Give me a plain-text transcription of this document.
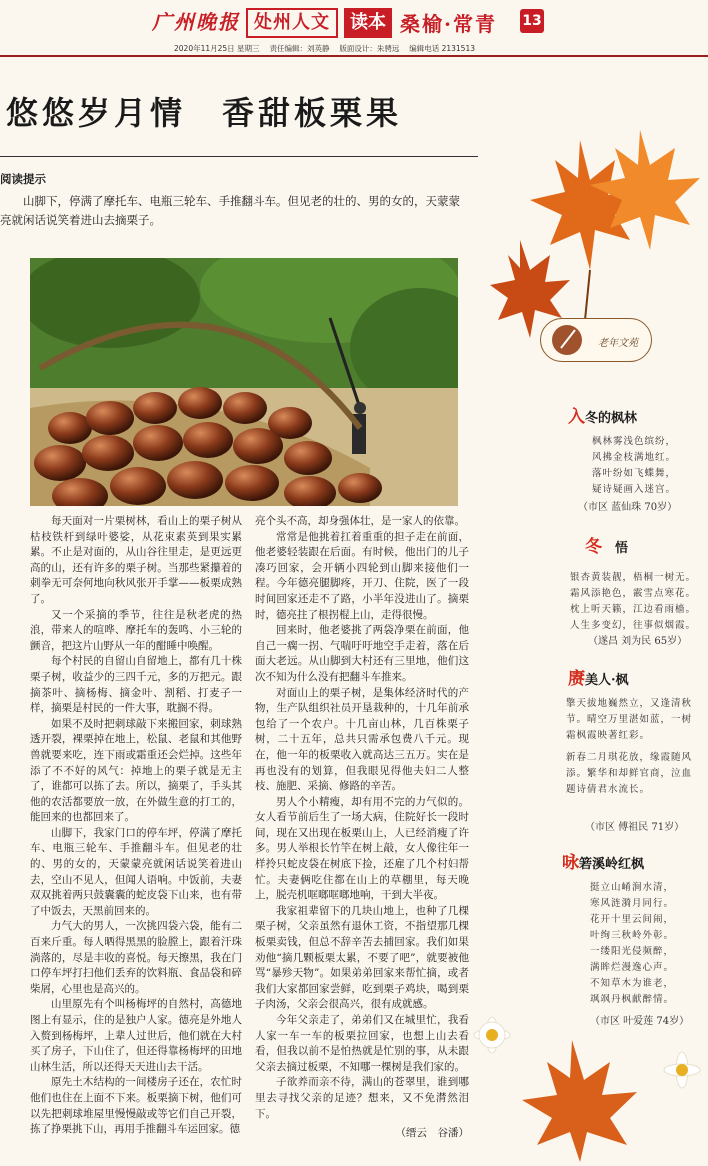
广州晚报 处州人文	读本 桑榆·常青 13
2020年11月25日 星期三 　责任编辑：刘英静 　版面设计：朱骋远 　编辑电话 2131513
悠悠岁月情　香甜板栗果
阅读提示
山脚下，停满了摩托车、电瓶三轮车、手推翻斗车。但见老的壮的、男的女的，天蒙蒙亮就闲话说笑着进山去摘栗子。

每天面对一片栗树林，看山上的栗子树从枯枝铁杆到绿叶婆娑，从花束素英到果实累累。不止是对面的，从山谷往里走，是更远更高的山，还有许多的栗子树。当那些紧攥着的刺拳无可奈何地向秋风张开手掌——板栗成熟了。

又一个采摘的季节，往往是秋老虎的热浪，带来人的喧哗、摩托车的轰鸣、小三轮的颤音，把这片山野从一年的酣睡中唤醒。

每个村民的自留山自留地上，都有几十株栗子树，收益少的三四千元，多的万把元。跟摘茶叶、摘杨梅、摘金叶、割稻、打麦子一样，摘栗是村民的一件大事，耽搁不得。

如果不及时把刺球敲下来搬回家，刺球熟透开裂，裸栗掉在地上，松鼠、老鼠和其他野兽就要来吃，连下雨或霜重还会烂掉。这些年添了不不好的风气：掉地上的栗子就是无主了，谁都可以拣了去。所以，摘栗了，手头其他的农活都要放一放，在外做生意的打工的，能回来的也都回来了。

山脚下，我家门口的停车坪，停满了摩托车、电瓶三轮车、手推翻斗车。但见老的壮的、男的女的，天蒙蒙亮就闲话说笑着进山去，空山不见人，但闻人语响。中饭前，夫妻双双挑着两只鼓囊囊的蛇皮袋下山来，也有带了中饭去，天黑前回来的。

力气大的男人，一次挑四袋六袋，能有二百来斤重。每人晒得黑黑的脸膛上，跟着汗珠淌落的，尽是丰收的喜悦。每天擦黑，我在门口停车坪打扫他们丢弃的饮料瓶、食品袋和碎柴屑，心里也是高兴的。

山里原先有个叫杨梅坪的自然村，高德地图上有显示，住的是独户人家。德亮是外地人入赘到杨梅坪，上辈人过世后，他们就在大村买了房子，下山住了，但还得靠杨梅坪的田地山林生活，所以还得天天进山去干活。

原先土木结构的一间楼房子还在，农忙时他们也住在上面不下来。板栗摘下树，他们可以先把刺球堆屋里慢慢敲或等它们自己开裂，拣了挣栗挑下山，再用手推翻斗车运回家。德

亮个头不高，却身强体壮，是一家人的依靠。

常常是他挑着扛着重重的担子走在前面，他老婆轻装跟在后面。有时候，他出门的儿子凑巧回家，会开辆小四轮到山脚来接他们一程。今年德亮腿脚疼，开刀、住院，医了一段时间回家还走不了路，小半年没进山了。摘栗时，德亮拄了根拐棍上山，走得很慢。

回来时，他老婆挑了两袋净栗在前面，他自己一瘸一拐、气喘吁吁地空手走着，落在后面大老远。从山脚到大村还有三里地，他们这次不知为什么没有把翻斗车推来。

对面山上的栗子树，是集体经济时代的产物，生产队组织社员开垦栽种的，十几年前承包给了一个农户。十几亩山林，几百株栗子树，二十五年，总共只需承包费八千元。现在，他一年的板栗收入就高达三五万。实在是再也没有的划算，但我眼见得他夫妇二人整枝、施肥、采摘、修路的辛苦。

男人个小精瘦，却有用不完的力气似的。女人看节前后生了一场大病，住院好长一段时间，现在又出现在板栗山上，人已经消瘦了许多。男人举根长竹竿在树上敲，女人像往年一样拎只蛇皮袋在树底下捡，还雇了几个村妇帮忙。夫妻俩吃住都在山上的草棚里，每天晚上，脱壳机哐啷哐啷地响，干到大半夜。

我家祖辈留下的几块山地上，也种了几棵栗子树，父亲虽然有退休工资，不指望那几棵板栗卖钱，但总不辞辛苦去捕回家。我们如果劝他“摘几颗板栗太累，不要了吧”，就要被他骂“暴殄天物”。如果弟弟回家来帮忙摘，或者我们大家都回家尝鲜，吃到栗子鸡块，喝到栗子肉汤，父亲会很高兴，很有成就感。

今年父亲走了，弟弟们又在城里忙，我看人家一车一车的板栗拉回家，也想上山去看看，但我以前不是怕热就是忙别的事，从未跟父亲去摘过板栗，不知哪一棵树是我们家的。

子欲养而亲不待，满山的苍翠里，谁到哪里去寻找父亲的足迹？想来，又不免潸然泪下。

（缙云　谷潘）
老年文苑
入冬的枫林
枫林雾浅色缤纷，
风拂金枝满地红。
落叶纷如飞蝶舞，
疑诗疑画入迷宫。
（市区 蓝仙珠 70岁）
冬　 悟
银杏黄装靓，梧桐一树无。
霜风添艳色，霰雪点寒花。
枕上听天籁，江边看雨樯。
人生多变幻，往事似烟霞。
（遂昌 刘为民 65岁）
赓美人·枫
擎天拔地巍然立，又逢清秋节。晴空万里湛如蓝，一树霜枫霞映著红彩。
新春二月琪花放，缘霞随风添。繁华和却鲜官商，泣血题诗倩君水流长。
（市区 傅祖民 71岁）
咏箬溪岭红枫
挺立山崤涧水清，
寒风涟漪月同行。
花开十里云间闹，
叶绚三秋岭外彰。
一缕阳光侵频醉，
满眸烂漫逸心声。
不知草木为谁老，
飒飒丹枫献醉情。
（市区 叶爱莲 74岁）
